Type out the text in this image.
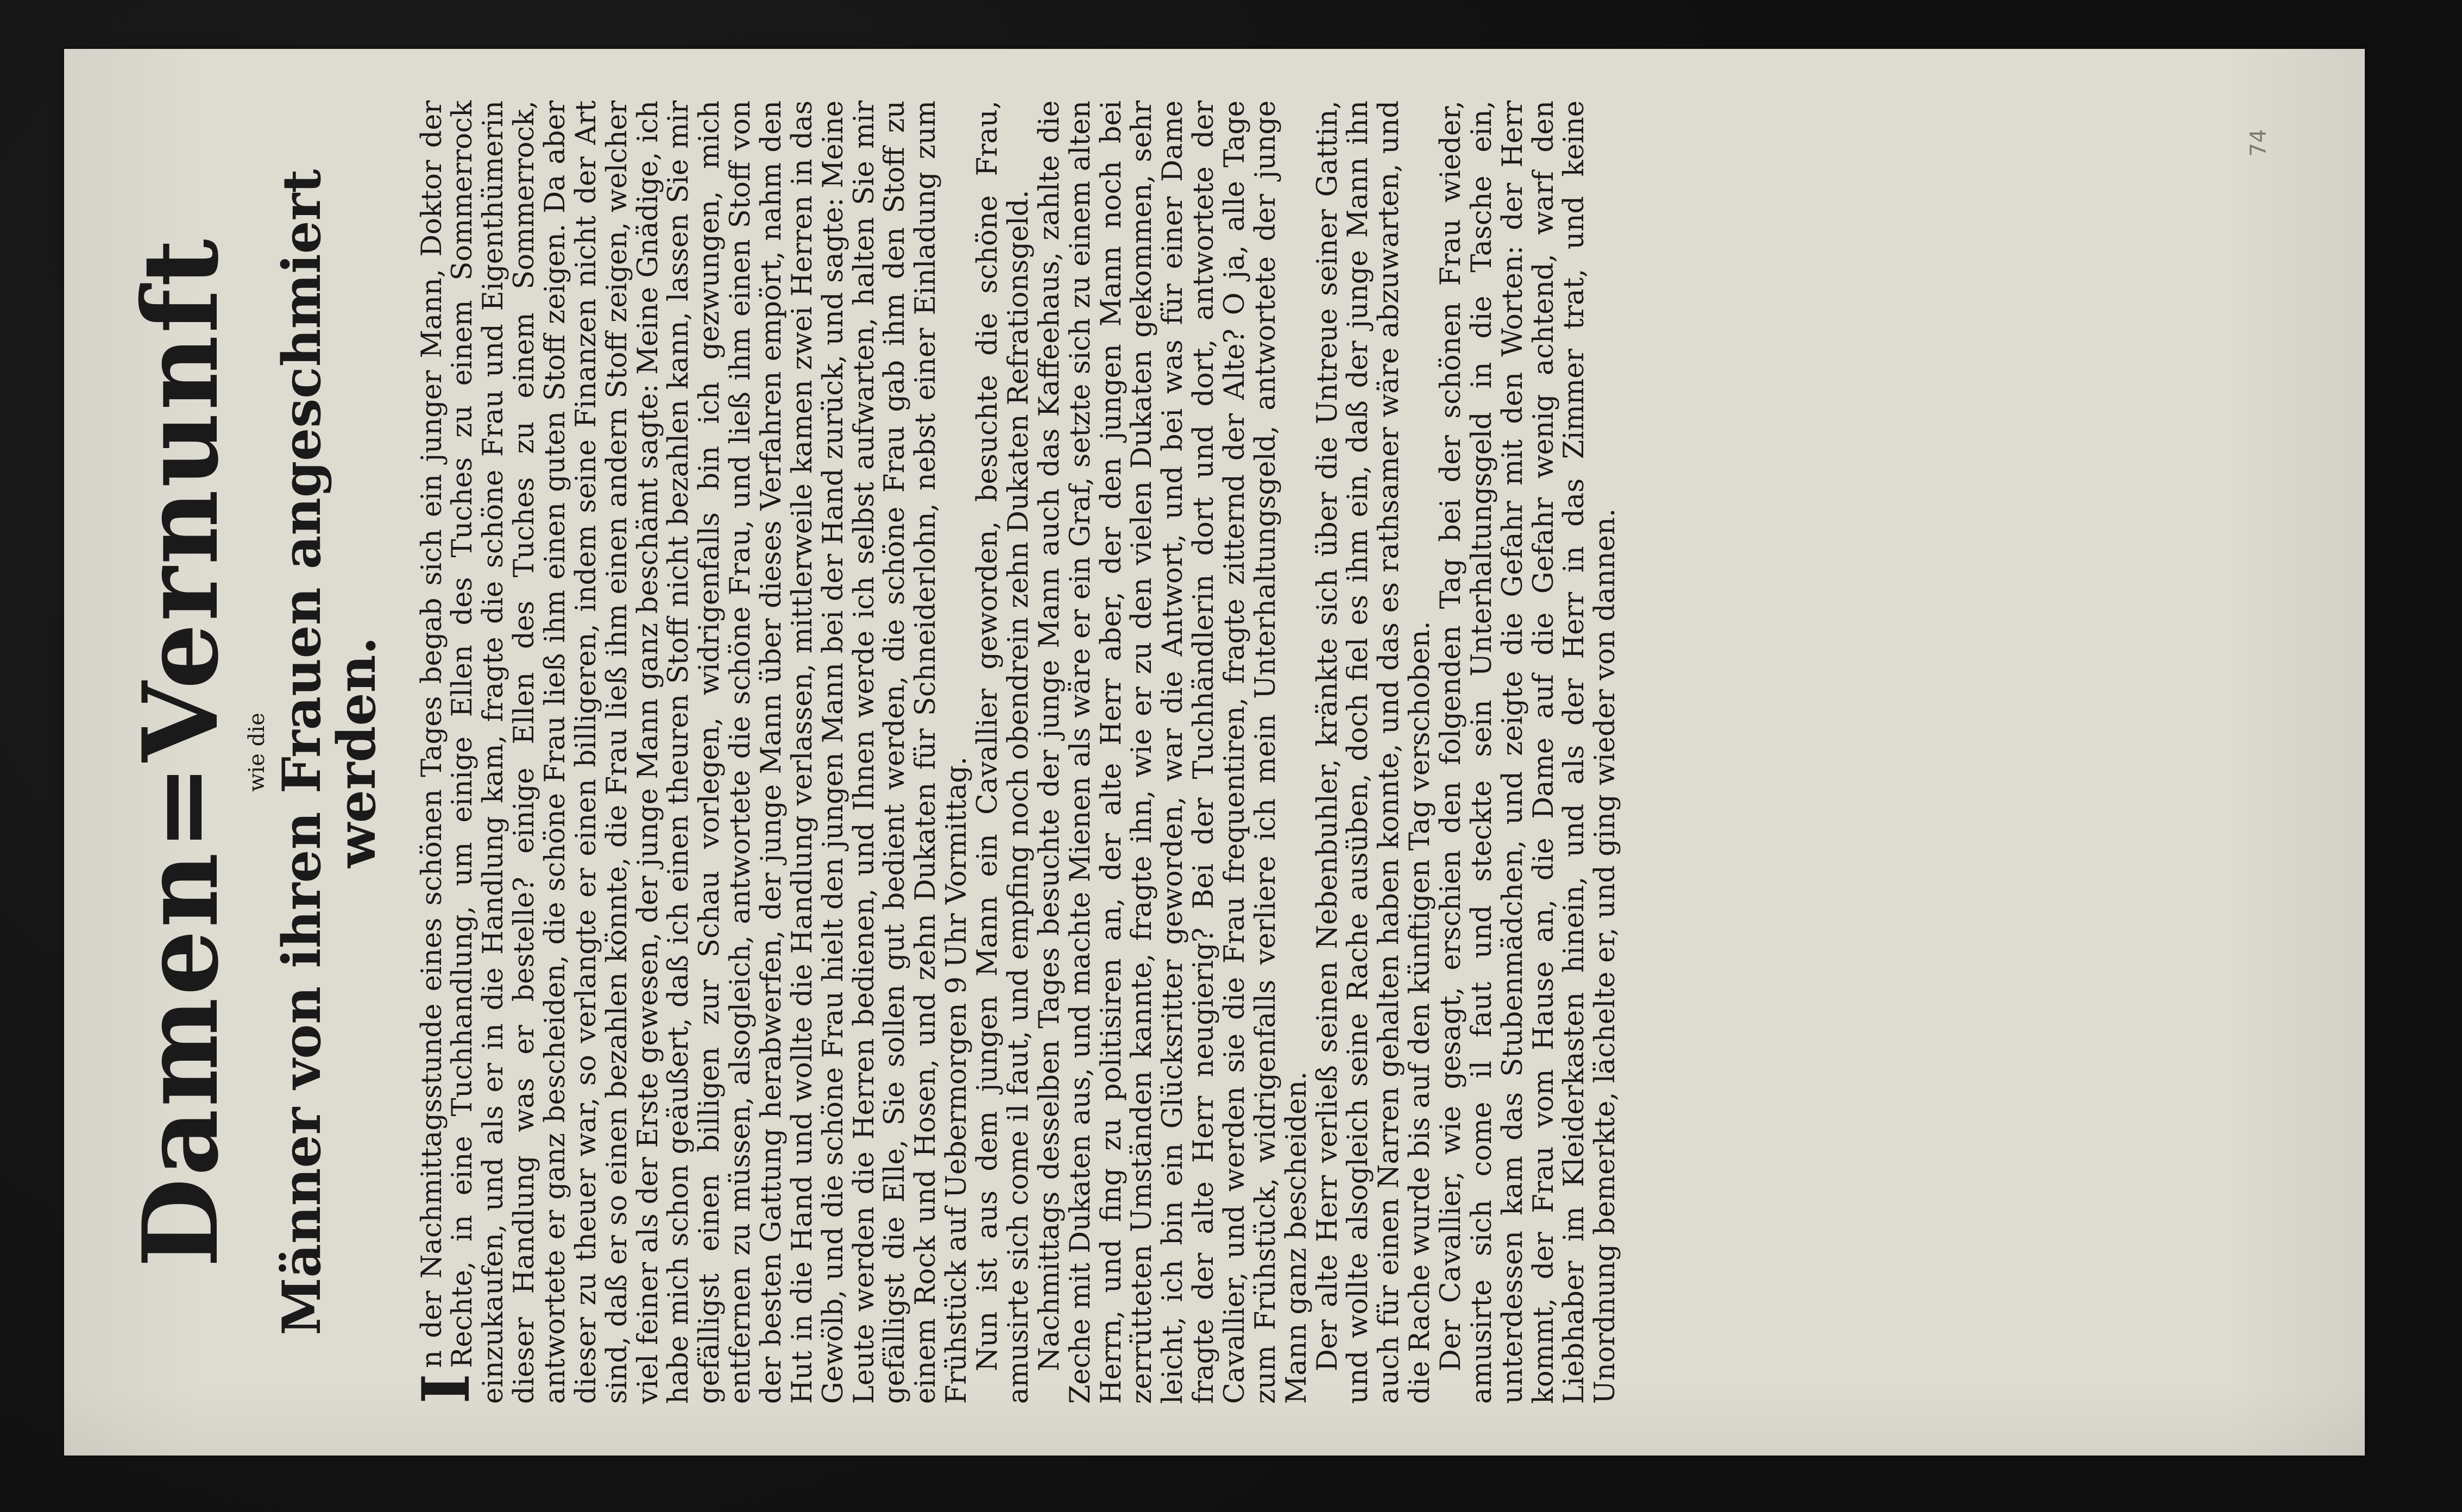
74
Damen=Vernunft wie die Männer von ihren Frauen angeschmiert werden.

I
n der Nachmittagsstunde eines schönen Tages begab sich ein junger Mann, Doktor der Rechte, in eine Tuchhandlung, um einige Ellen des Tuches zu einem Sommerrock einzukaufen, und als er in die Handlung kam, fragte die schöne Frau und Eigenthümerin dieser Handlung was er bestelle? einige Ellen des Tuches zu einem Sommerrock, antwortete er ganz bescheiden, die schöne Frau ließ ihm einen guten Stoff zeigen. Da aber dieser zu theuer war, so verlangte er einen billigeren, indem seine Finanzen nicht der Art sind, daß er so einen bezahlen könnte, die Frau ließ ihm einen andern Stoff zeigen, welcher viel feiner als der Erste gewesen, der junge Mann ganz beschämt sagte: Meine Gnädige, ich habe mich schon geäußert, daß ich einen theuren Stoff nicht bezahlen kann, lassen Sie mir gefälligst einen billigen zur Schau vorlegen, widrigenfalls bin ich gezwungen, mich entfernen zu müssen, alsogleich, antwortete die schöne Frau, und ließ ihm einen Stoff von der besten Gattung herabwerfen, der junge Mann über dieses Verfahren empört, nahm den Hut in die Hand und wollte die Handlung verlassen, mittlerweile kamen zwei Herren in das Gewölb, und die schöne Frau hielt den jungen Mann bei der Hand zurück, und sagte: Meine Leute werden die Herren bedienen, und Ihnen werde ich selbst aufwarten, halten Sie mir gefälligst die Elle, Sie sollen gut bedient werden, die schöne Frau gab ihm den Stoff zu einem Rock und Hosen, und zehn Dukaten für Schneiderlohn, nebst einer Einladung zum Frühstück auf Uebermorgen 9 Uhr Vormittag.

Nun ist aus dem jungen Mann ein Cavallier geworden, besuchte die schöne Frau, amusirte sich come il faut, und empfing noch obendrein zehn Dukaten Refrationsgeld.

Nachmittags desselben Tages besuchte der junge Mann auch das Kaffeehaus, zahlte die Zeche mit Dukaten aus, und machte Mienen als wäre er ein Graf, setzte sich zu einem alten Herrn, und fing zu politisiren an, der alte Herr aber, der den jungen Mann noch bei zerrütteten Umständen kannte, fragte ihn, wie er zu den vielen Dukaten gekommen, sehr leicht, ich bin ein Glücksritter geworden, war die Antwort, und bei was für einer Dame fragte der alte Herr neugierig? Bei der Tuchhändlerin dort und dort, antwortete der Cavallier, und werden sie die Frau frequentiren, fragte zitternd der Alte? O ja, alle Tage zum Frühstück, widrigenfalls verliere ich mein Unterhaltungsgeld, antwortete der junge Mann ganz bescheiden.

Der alte Herr verließ seinen Nebenbuhler, kränkte sich über die Untreue seiner Gattin, und wollte alsogleich seine Rache ausüben, doch fiel es ihm ein, daß der junge Mann ihn auch für einen Narren gehalten haben konnte, und das es rathsamer wäre abzuwarten, und die Rache wurde bis auf den künftigen Tag verschoben.

Der Cavallier, wie gesagt, erschien den folgenden Tag bei der schönen Frau wieder, amusirte sich come il faut und steckte sein Unterhaltungsgeld in die Tasche ein, unterdessen kam das Stubenmädchen, und zeigte die Gefahr mit den Worten: der Herr kommt, der Frau vom Hause an, die Dame auf die Gefahr wenig achtend, warf den Liebhaber im Kleiderkasten hinein, und als der Herr in das Zimmer trat, und keine Unordnung bemerkte, lächelte er, und ging wieder von dannen.
